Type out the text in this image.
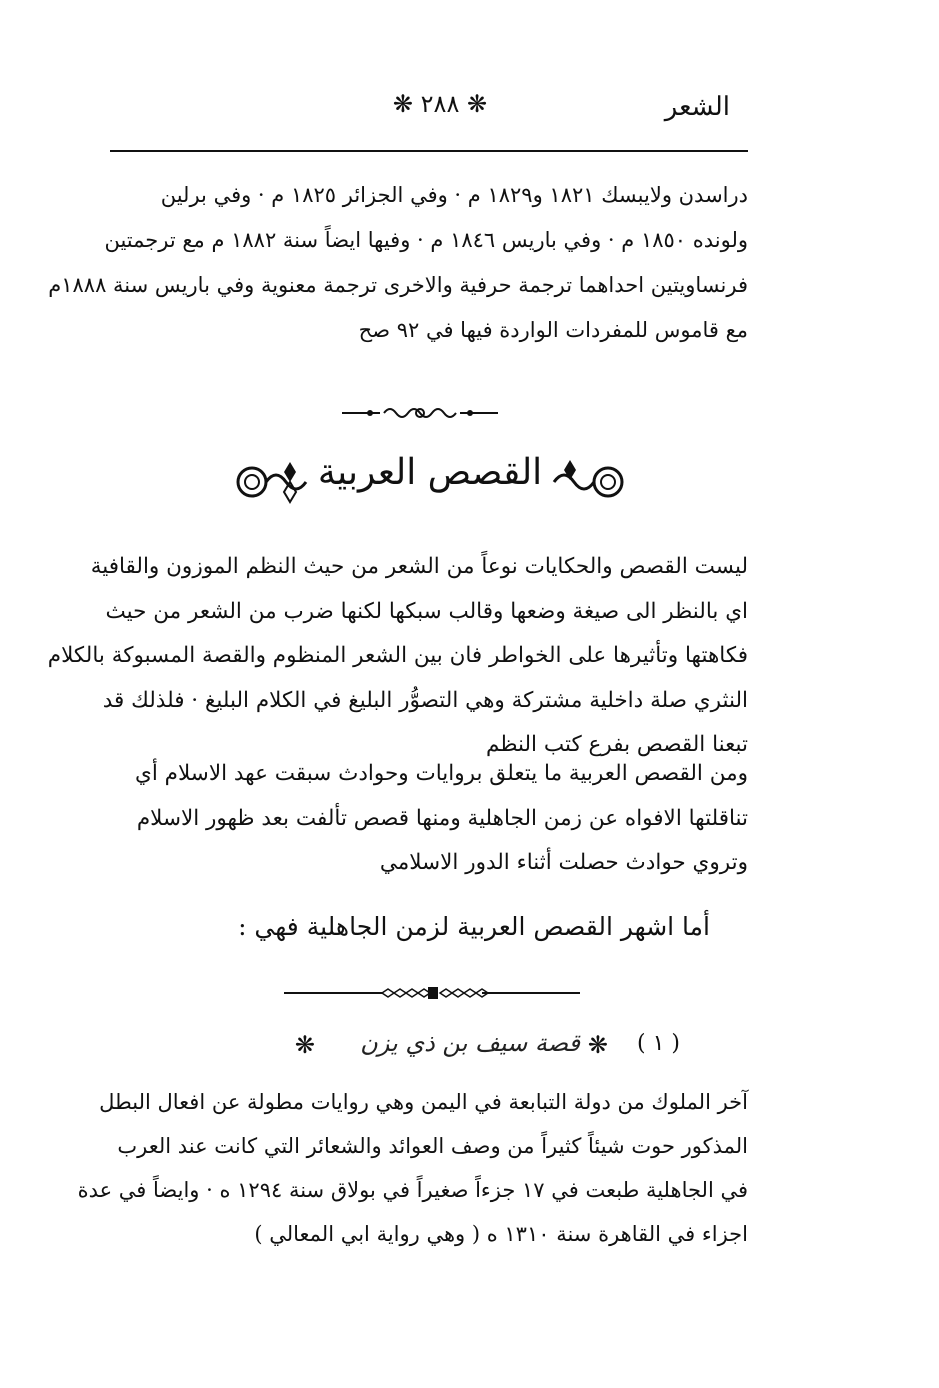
الشعر
❋ ٢٨٨ ❋
دراسدن ولايبسك ١٨٢١ و١٨٢٩ م · وفي الجزائر ١٨٢٥ م · وفي برلين
ولونده ١٨٥٠ م · وفي باريس ١٨٤٦ م · وفيها ايضاً سنة ١٨٨٢ م مع ترجمتين
فرنساويتين احداهما ترجمة حرفية والاخرى ترجمة معنوية وفي باريس سنة ١٨٨٨م
مع قاموس للمفردات الواردة فيها في ٩٢ صح
القصص العربية
ليست القصص والحكايات نوعاً من الشعر من حيث النظم الموزون والقافية
اي بالنظر الى صيغة وضعها وقالب سبكها لكنها ضرب من الشعر من حيث
فكاهتها وتأثيرها على الخواطر فان بين الشعر المنظوم والقصة المسبوكة بالكلام
النثري صلة داخلية مشتركة وهي التصوُّر البليغ في الكلام البليغ · فلذلك قد
تبعنا القصص بفرع كتب النظم
ومن القصص العربية ما يتعلق بروايات وحوادث سبقت عهد الاسلام أي
تناقلتها الافواه عن زمن الجاهلية ومنها قصص تألفت بعد ظهور الاسلام
وتروي حوادث حصلت أثناء الدور الاسلامي
أما اشهر القصص العربية لزمن الجاهلية فهي :
( ١ )
❋
قصة سيف بن ذي يزن
❋
آخر الملوك من دولة التبابعة في اليمن وهي روايات مطولة عن افعال البطل
المذكور حوت شيئاً كثيراً من وصف العوائد والشعائر التي كانت عند العرب
في الجاهلية طبعت في ١٧ جزءاً صغيراً في بولاق سنة ١٢٩٤ ه · وايضاً في عدة
اجزاء في القاهرة سنة ١٣١٠ ه ( وهي رواية ابي المعالي )
